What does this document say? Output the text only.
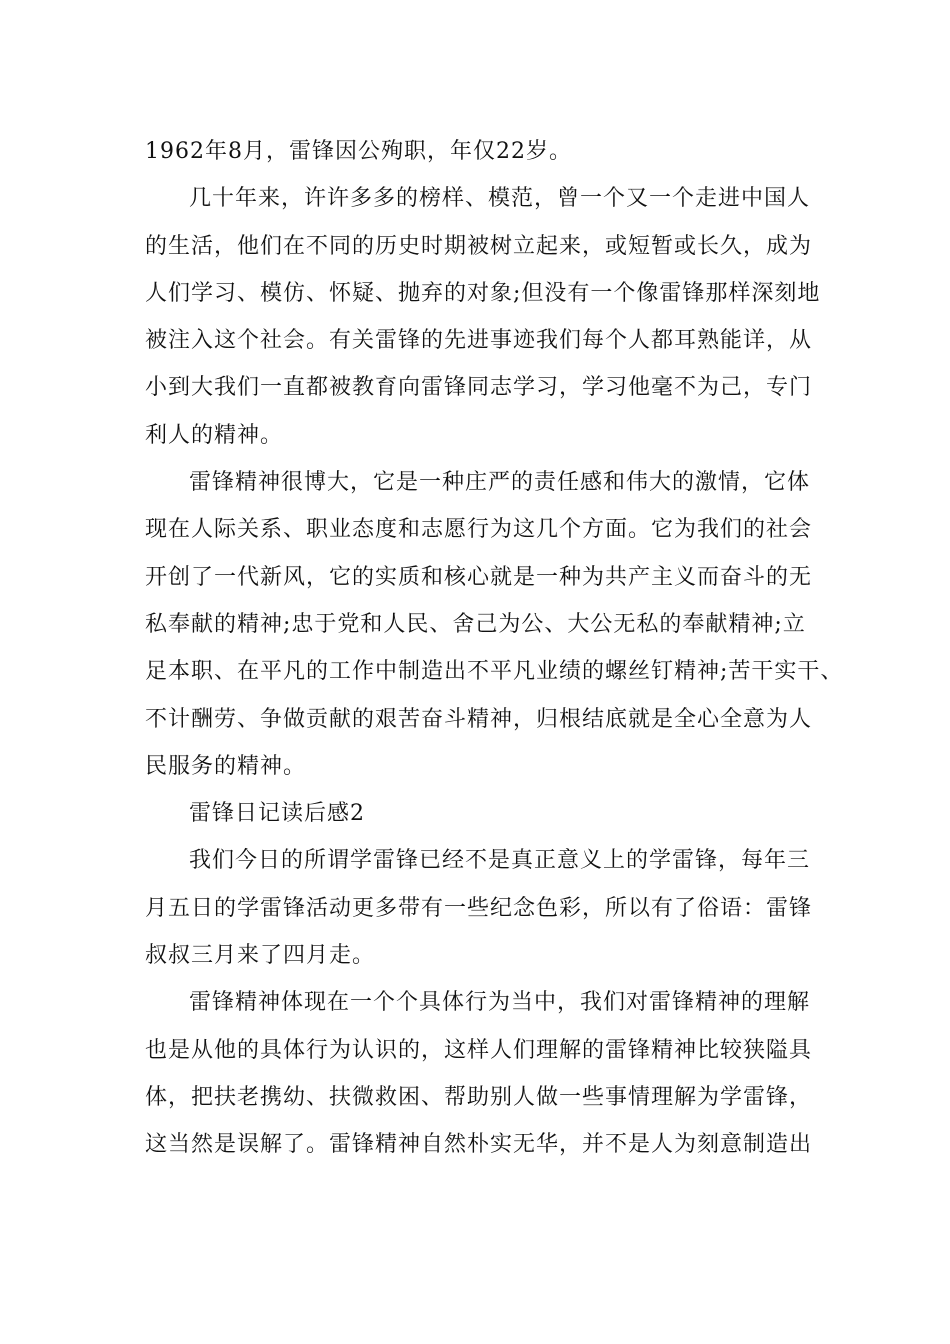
1962年8月，雷锋因公殉职，年仅22岁。
几十年来，许许多多的榜样、模范，曾一个又一个走进中国人
的生活，他们在不同的历史时期被树立起来，或短暂或长久，成为
人们学习、模仿、怀疑、抛弃的对象;但没有一个像雷锋那样深刻地
被注入这个社会。有关雷锋的先进事迹我们每个人都耳熟能详，从
小到大我们一直都被教育向雷锋同志学习，学习他毫不为己，专门
利人的精神。
雷锋精神很博大，它是一种庄严的责任感和伟大的激情，它体
现在人际关系、职业态度和志愿行为这几个方面。它为我们的社会
开创了一代新风，它的实质和核心就是一种为共产主义而奋斗的无
私奉献的精神;忠于党和人民、舍己为公、大公无私的奉献精神;立
足本职、在平凡的工作中制造出不平凡业绩的螺丝钉精神;苦干实干、
不计酬劳、争做贡献的艰苦奋斗精神，归根结底就是全心全意为人
民服务的精神。
雷锋日记读后感2
我们今日的所谓学雷锋已经不是真正意义上的学雷锋，每年三
月五日的学雷锋活动更多带有一些纪念色彩，所以有了俗语：雷锋
叔叔三月来了四月走。
雷锋精神体现在一个个具体行为当中，我们对雷锋精神的理解
也是从他的具体行为认识的，这样人们理解的雷锋精神比较狭隘具
体，把扶老携幼、扶微救困、帮助别人做一些事情理解为学雷锋，
这当然是误解了。雷锋精神自然朴实无华，并不是人为刻意制造出
